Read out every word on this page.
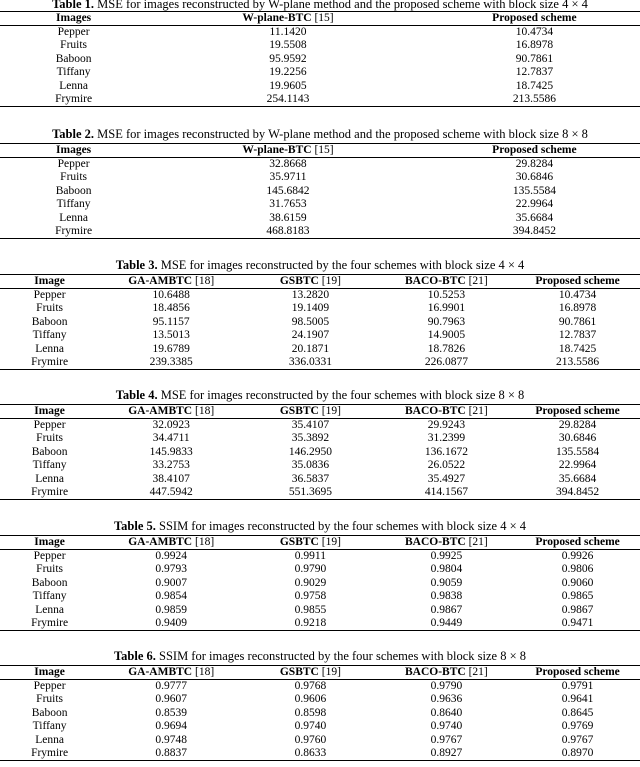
Table 1. MSE for images reconstructed by W-plane method and the proposed scheme with block size 4 × 4
Images	W-plane-BTC [15]	Proposed scheme
Pepper	11.1420	10.4734
Fruits	19.5508	16.8978
Baboon	95.9592	90.7861
Tiffany	19.2256	12.7837
Lenna	19.9605	18.7425
Frymire	254.1143	213.5586
Table 2. MSE for images reconstructed by W-plane method and the proposed scheme with block size 8 × 8
Images	W-plane-BTC [15]	Proposed scheme
Pepper	32.8668	29.8284
Fruits	35.9711	30.6846
Baboon	145.6842	135.5584
Tiffany	31.7653	22.9964
Lenna	38.6159	35.6684
Frymire	468.8183	394.8452
Table 3. MSE for images reconstructed by the four schemes with block size 4 × 4
Image	GA-AMBTC [18]	GSBTC [19]	BACO-BTC [21]	Proposed scheme
Pepper	10.6488	13.2820	10.5253	10.4734
Fruits	18.4856	19.1409	16.9901	16.8978
Baboon	95.1157	98.5005	90.7963	90.7861
Tiffany	13.5013	24.1907	14.9005	12.7837
Lenna	19.6789	20.1871	18.7826	18.7425
Frymire	239.3385	336.0331	226.0877	213.5586
Table 4. MSE for images reconstructed by the four schemes with block size 8 × 8
Image	GA-AMBTC [18]	GSBTC [19]	BACO-BTC [21]	Proposed scheme
Pepper	32.0923	35.4107	29.9243	29.8284
Fruits	34.4711	35.3892	31.2399	30.6846
Baboon	145.9833	146.2950	136.1672	135.5584
Tiffany	33.2753	35.0836	26.0522	22.9964
Lenna	38.4107	36.5837	35.4927	35.6684
Frymire	447.5942	551.3695	414.1567	394.8452
Table 5. SSIM for images reconstructed by the four schemes with block size 4 × 4
Image	GA-AMBTC [18]	GSBTC [19]	BACO-BTC [21]	Proposed scheme
Pepper	0.9924	0.9911	0.9925	0.9926
Fruits	0.9793	0.9790	0.9804	0.9806
Baboon	0.9007	0.9029	0.9059	0.9060
Tiffany	0.9854	0.9758	0.9838	0.9865
Lenna	0.9859	0.9855	0.9867	0.9867
Frymire	0.9409	0.9218	0.9449	0.9471
Table 6. SSIM for images reconstructed by the four schemes with block size 8 × 8
Image	GA-AMBTC [18]	GSBTC [19]	BACO-BTC [21]	Proposed scheme
Pepper	0.9777	0.9768	0.9790	0.9791
Fruits	0.9607	0.9606	0.9636	0.9641
Baboon	0.8539	0.8598	0.8640	0.8645
Tiffany	0.9694	0.9740	0.9740	0.9769
Lenna	0.9748	0.9760	0.9767	0.9767
Frymire	0.8837	0.8633	0.8927	0.8970
